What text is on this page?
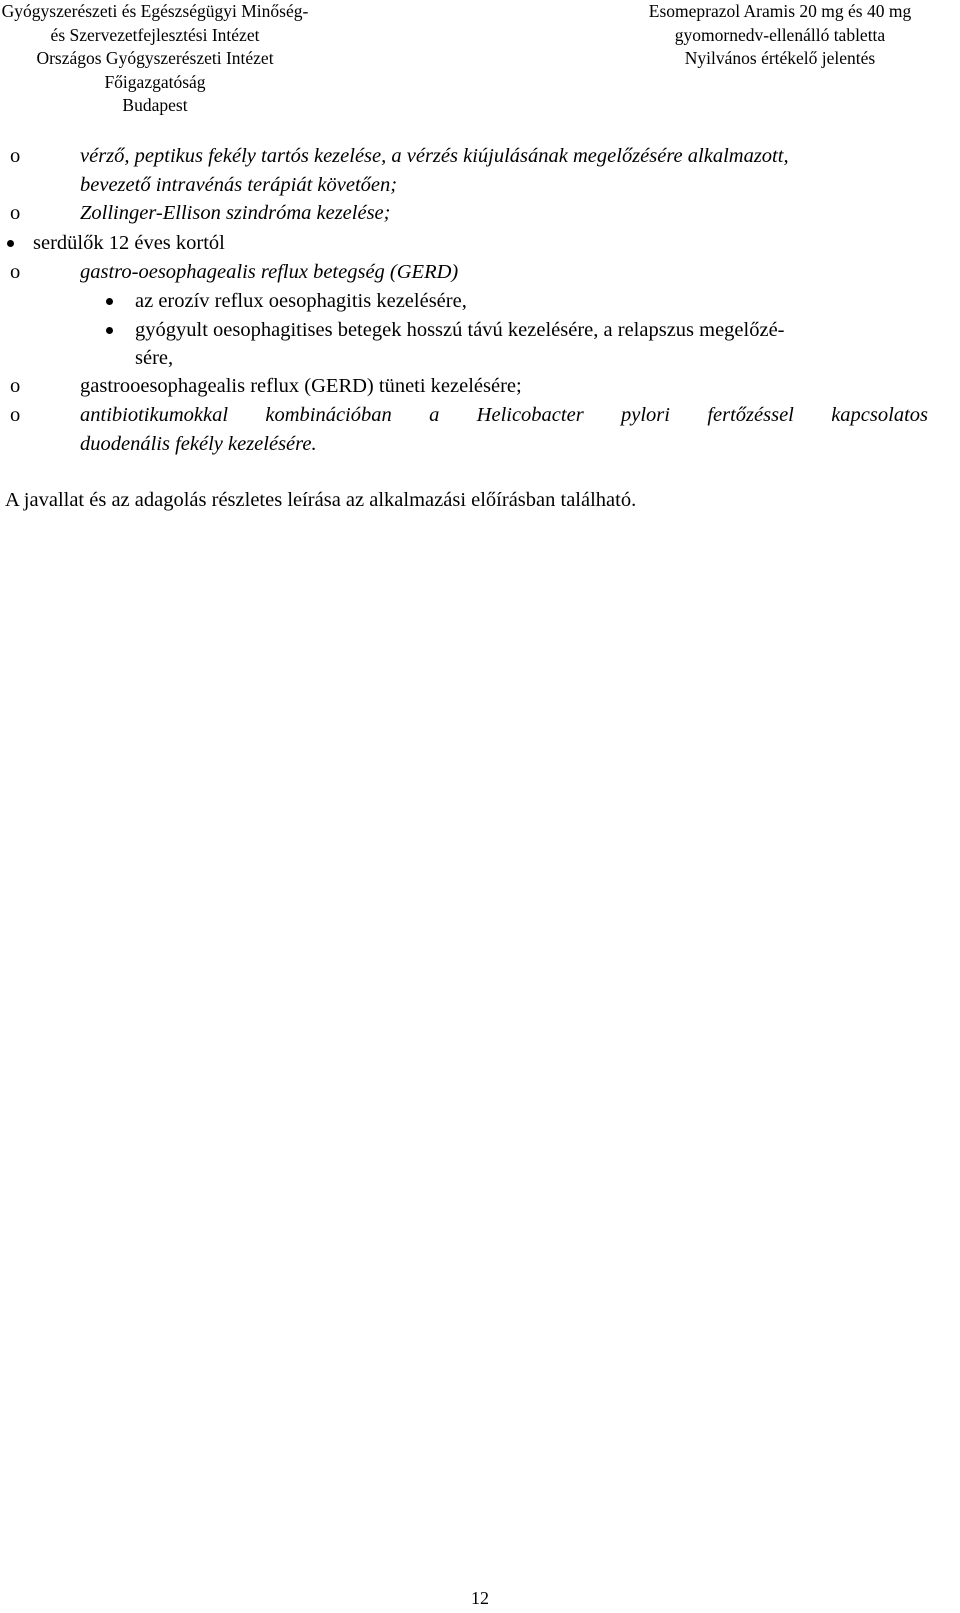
Gyógyszerészeti és Egészségügyi Minőség-
és Szervezetfejlesztési Intézet
Országos Gyógyszerészeti Intézet
Főigazgatóság
Budapest
Esomeprazol Aramis 20 mg és 40 mg
gyomornedv-ellenálló tabletta
Nyilvános értékelő jelentés
o	vérző, peptikus fekély tartós kezelése, a vérzés kiújulásának megelőzésére alkalmazott,
bevezető intravénás terápiát követően;
o	Zollinger-Ellison szindróma kezelése;
serdülők 12 éves kortól
o	gastro-oesophagealis reflux betegség (GERD)
az erozív reflux oesophagitis kezelésére,
gyógyult oesophagitises betegek hosszú távú kezelésére, a relapszus megelőzé-
sére,
o	gastrooesophagealis reflux (GERD) tüneti kezelésére;
o	antibiotikumokkal kombinációban a Helicobacter pylori fertőzéssel kapcsolatos
duodenális fekély kezelésére.
A javallat és az adagolás részletes leírása az alkalmazási előírásban található.
12
